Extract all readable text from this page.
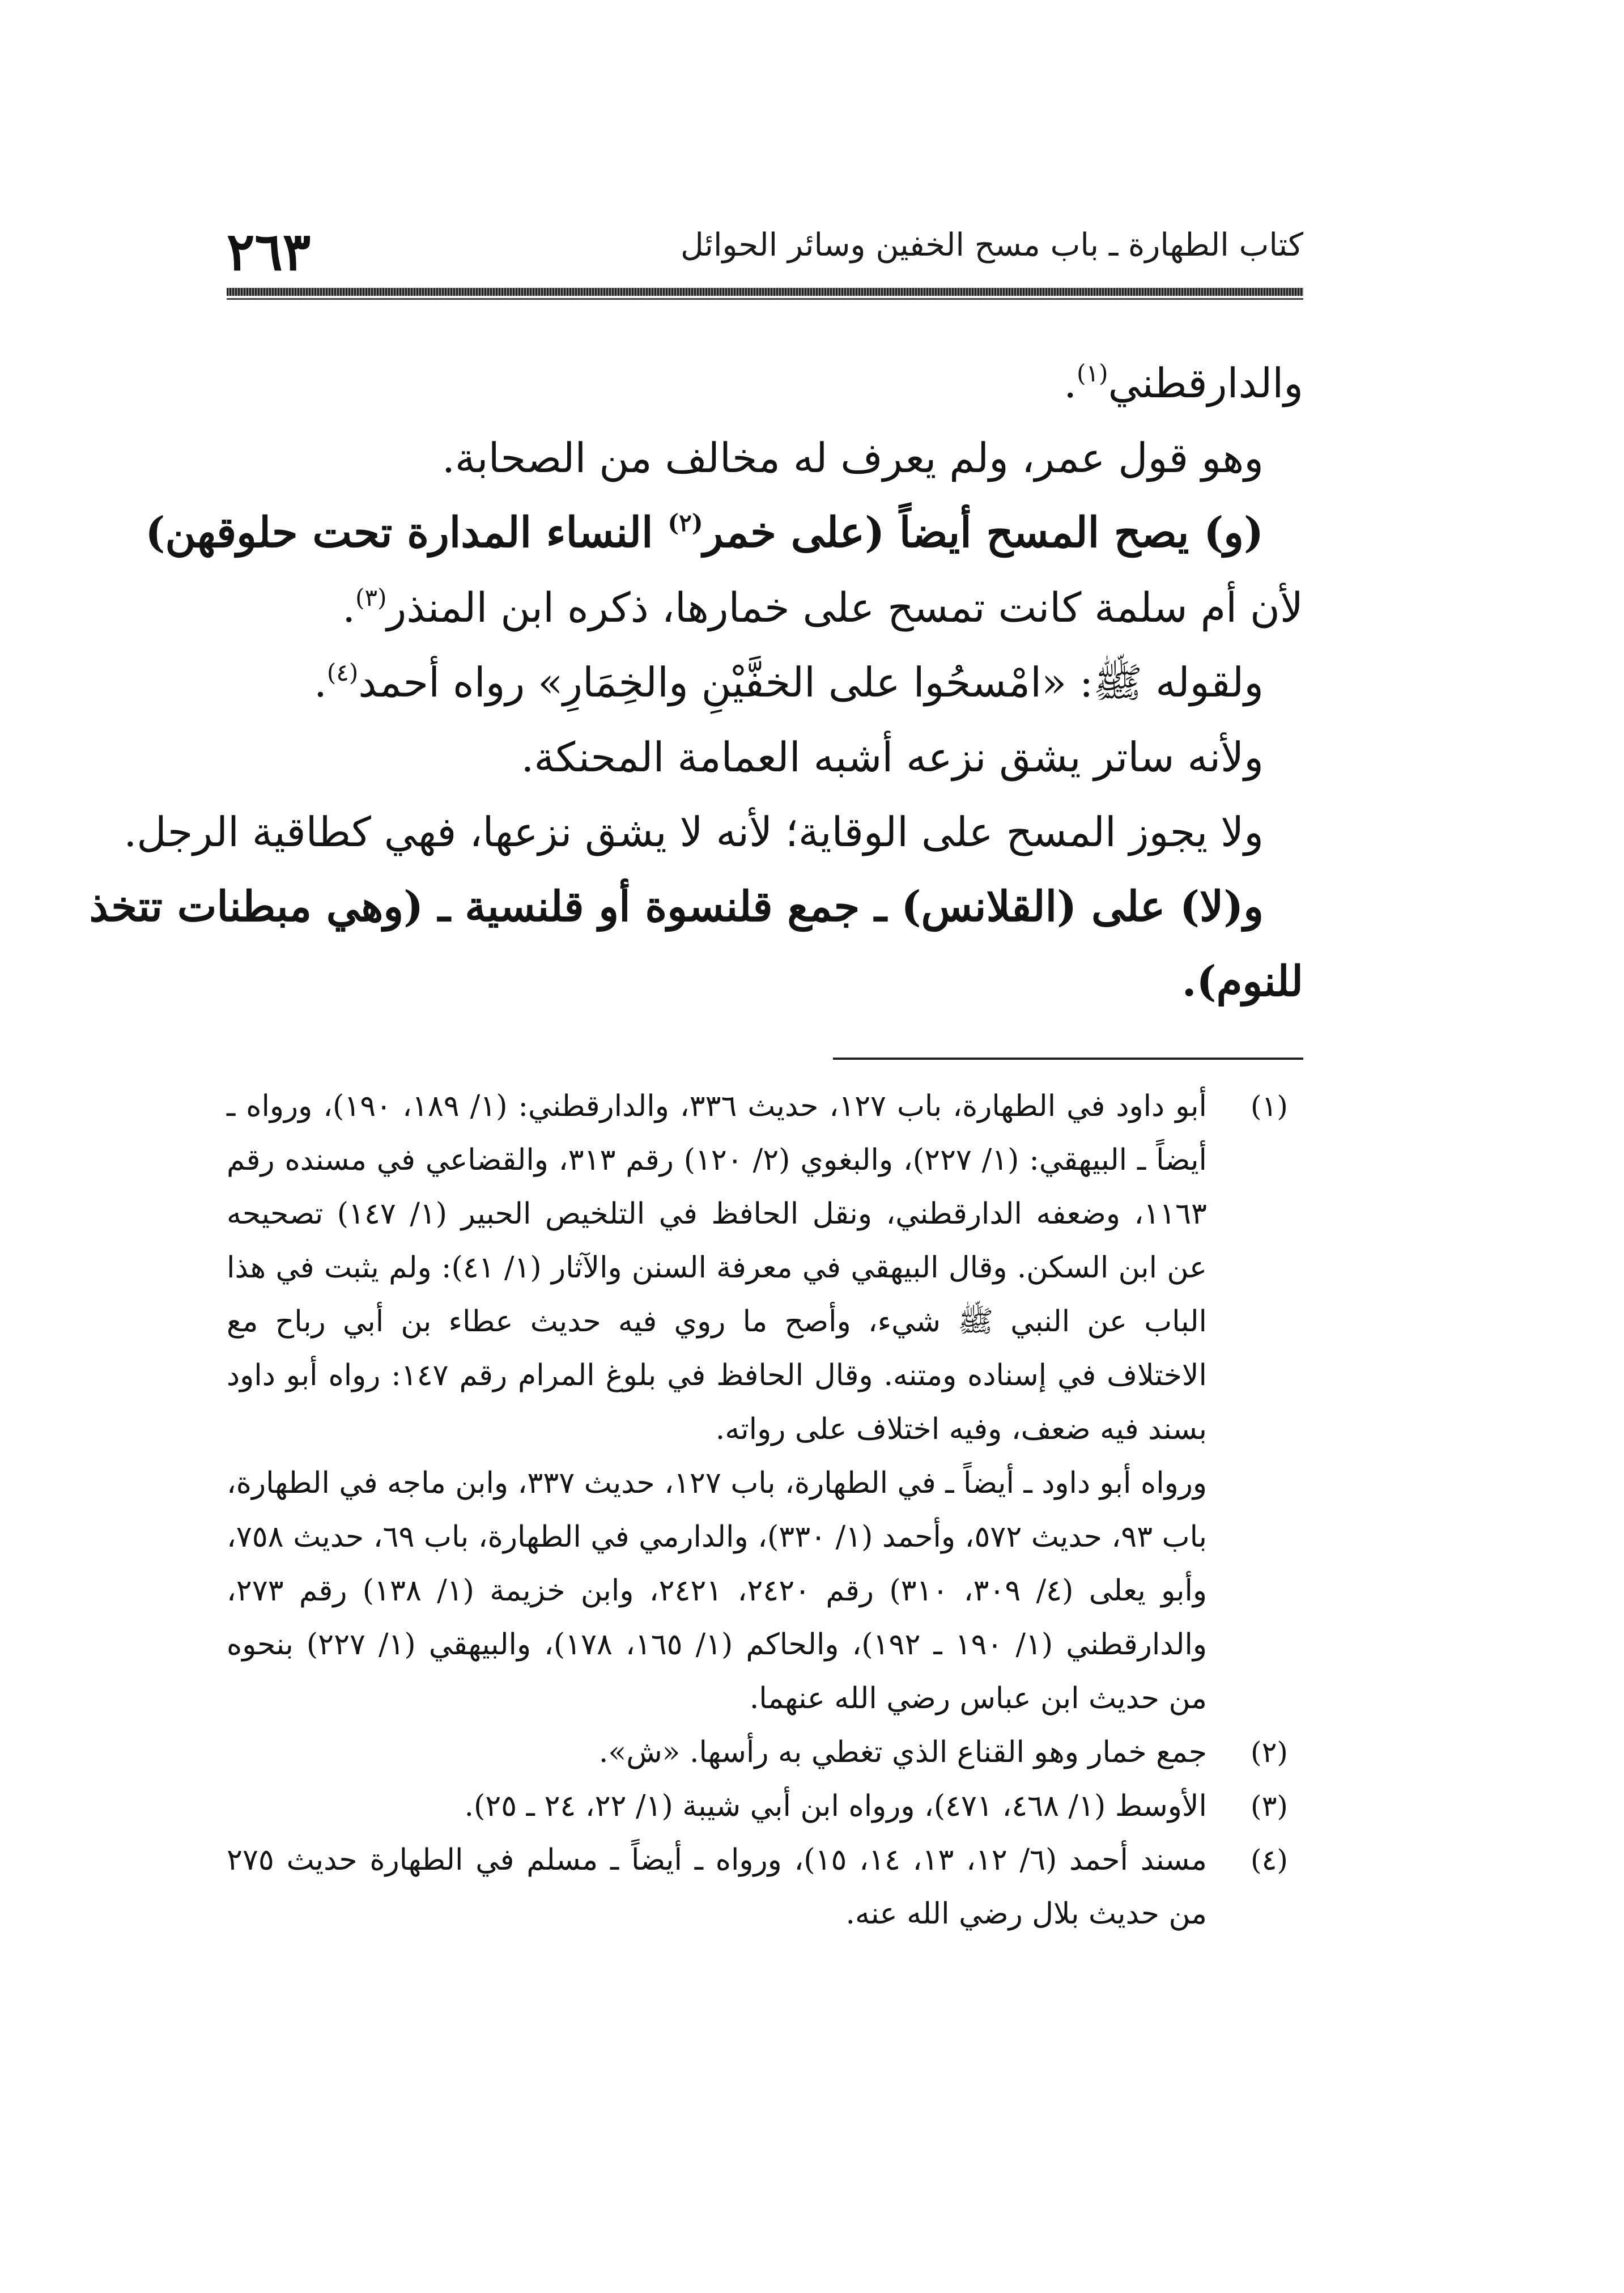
٢٦٣	كتاب الطهارة ـ باب مسح الخفين وسائر الحوائل

والدارقطني$^{(١)}$.

وهو قول عمر، ولم يعرف له مخالف من الصحابة.

(و) يصح المسح أيضاً (على خمر$^{(٢)}$ النساء المدارة تحت حلوقهن)

لأن أم سلمة كانت تمسح على خمارها، ذكره ابن المنذر$^{(٣)}$.

ولقوله ﷺ: «امْسحُوا على الخفَّيْنِ والخِمَارِ» رواه أحمد$^{(٤)}$.

ولأنه ساتر يشق نزعه أشبه العمامة المحنكة.

ولا يجوز المسح على الوقاية؛ لأنه لا يشق نزعها، فهي كطاقية الرجل.

و(لا) على (القلانس) ـ جمع قلنسوة أو قلنسية ـ (وهي مبطنات تتخذ

للنوم).

(١)
أبو داود في الطهارة، باب ١٢٧، حديث ٣٣٦، والدارقطني: (١/ ١٨٩، ١٩٠)، ورواه ـ أيضاً ـ البيهقي: (١/ ٢٢٧)، والبغوي (٢/ ١٢٠) رقم ٣١٣، والقضاعي في مسنده رقم ١١٦٣، وضعفه الدارقطني، ونقل الحافظ في التلخيص الحبير (١/ ١٤٧) تصحيحه عن ابن السكن. وقال البيهقي في معرفة السنن والآثار (١/ ٤١): ولم يثبت في هذا الباب عن النبي ﷺ شيء، وأصح ما روي فيه حديث عطاء بن أبي رباح مع الاختلاف في إسناده ومتنه. وقال الحافظ في بلوغ المرام رقم ١٤٧: رواه أبو داود بسند فيه ضعف، وفيه اختلاف على رواته.

ورواه أبو داود ـ أيضاً ـ في الطهارة، باب ١٢٧، حديث ٣٣٧، وابن ماجه في الطهارة، باب ٩٣، حديث ٥٧٢، وأحمد (١/ ٣٣٠)، والدارمي في الطهارة، باب ٦٩، حديث ٧٥٨، وأبو يعلى (٤/ ٣٠٩، ٣١٠) رقم ٢٤٢٠، ٢٤٢١، وابن خزيمة (١/ ١٣٨) رقم ٢٧٣، والدارقطني (١/ ١٩٠ ـ ١٩٢)، والحاكم (١/ ١٦٥، ١٧٨)، والبيهقي (١/ ٢٢٧) بنحوه من حديث ابن عباس رضي الله عنهما.

(٢)
جمع خمار وهو القناع الذي تغطي به رأسها. «ش».
(٣)
الأوسط (١/ ٤٦٨، ٤٧١)، ورواه ابن أبي شيبة (١/ ٢٢، ٢٤ ـ ٢٥).
(٤)
مسند أحمد (٦/ ١٢، ١٣، ١٤، ١٥)، ورواه ـ أيضاً ـ مسلم في الطهارة حديث ٢٧٥ من حديث بلال رضي الله عنه.
